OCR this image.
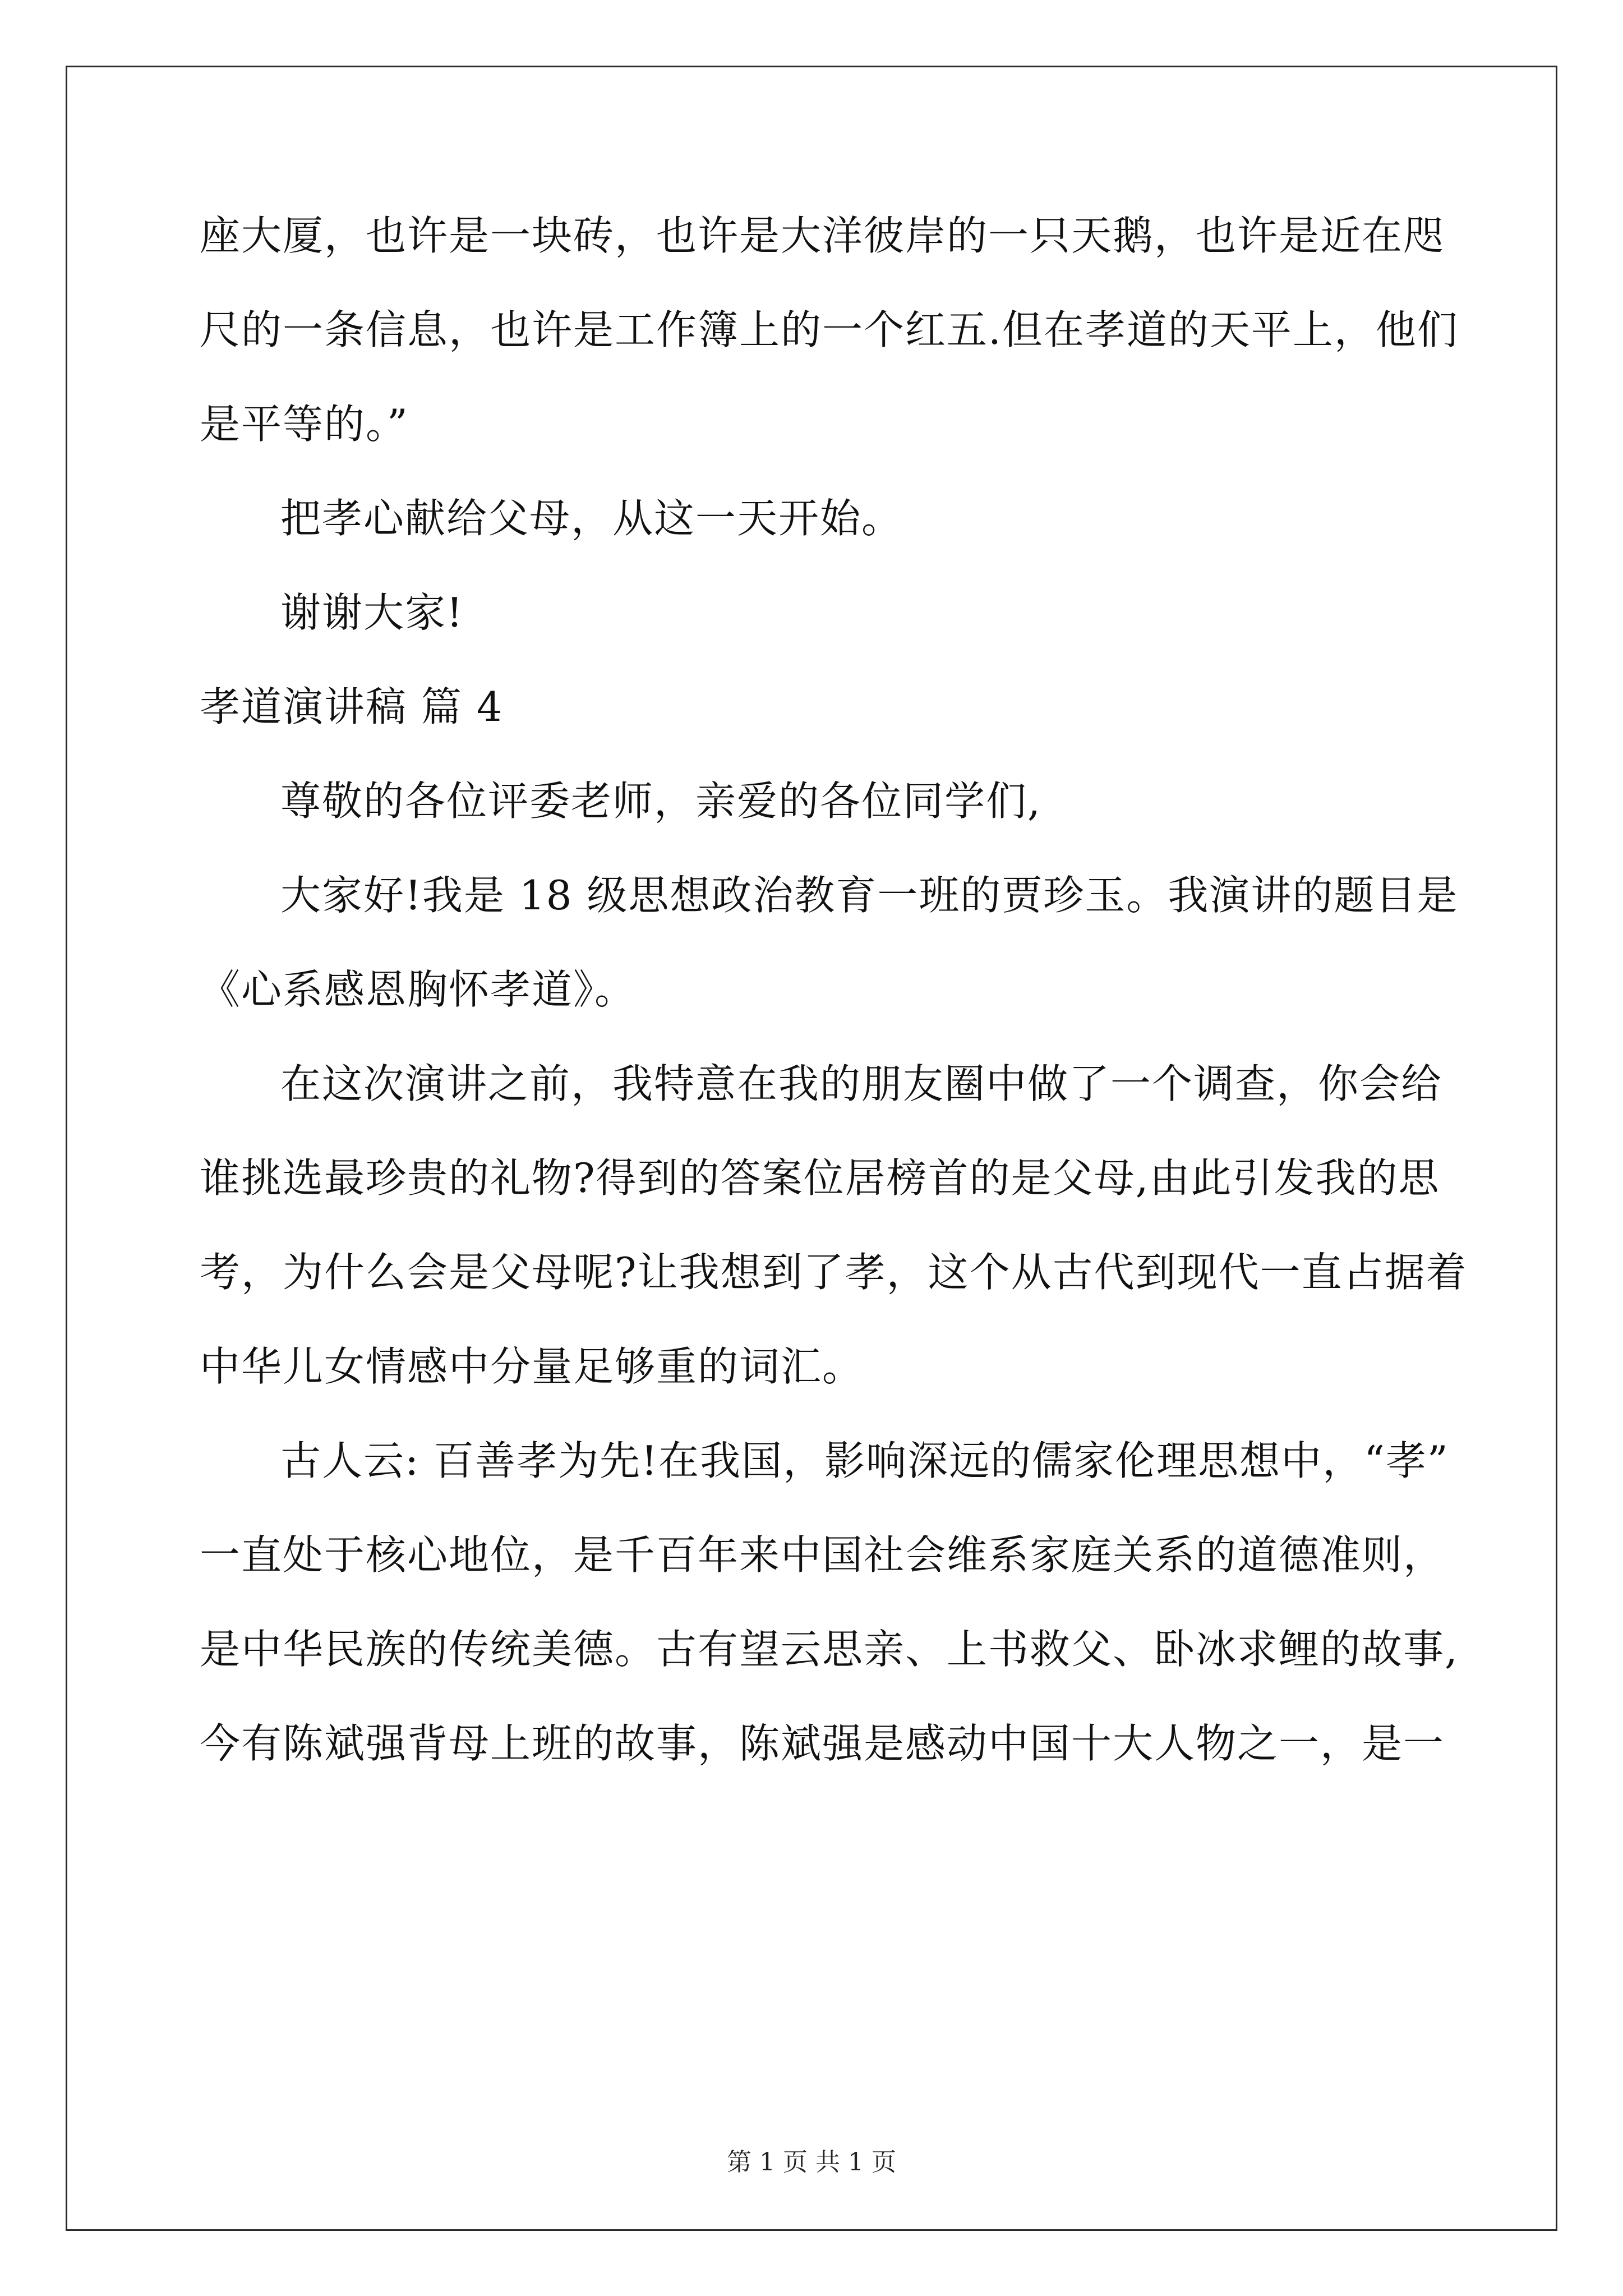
座大厦，也许是一块砖，也许是大洋彼岸的一只天鹅，也许是近在咫
尺的一条信息，也许是工作簿上的一个红五.但在孝道的天平上，他们
是平等的。”
把孝心献给父母，从这一天开始。
谢谢大家!
孝道演讲稿 篇 4
尊敬的各位评委老师，亲爱的各位同学们,
大家好!我是 18 级思想政治教育一班的贾珍玉。我演讲的题目是
《心系感恩胸怀孝道》。
在这次演讲之前，我特意在我的朋友圈中做了一个调查，你会给
谁挑选最珍贵的礼物?得到的答案位居榜首的是父母,由此引发我的思
考，为什么会是父母呢?让我想到了孝，这个从古代到现代一直占据着
中华儿女情感中分量足够重的词汇。
古人云: 百善孝为先!在我国，影响深远的儒家伦理思想中，“孝”
一直处于核心地位，是千百年来中国社会维系家庭关系的道德准则，
是中华民族的传统美德。古有望云思亲、上书救父、卧冰求鲤的故事,
今有陈斌强背母上班的故事，陈斌强是感动中国十大人物之一，是一
第 1 页 共 1 页
